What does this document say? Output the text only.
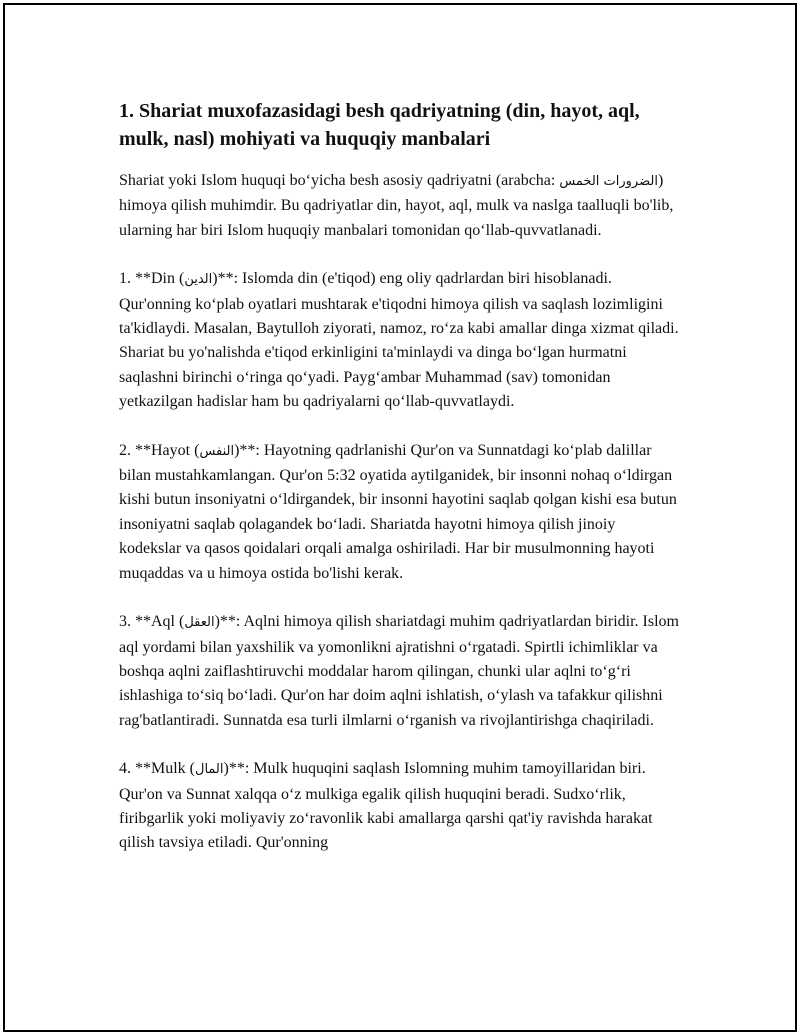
1. Shariat muxofazasidagi besh qadriyatning (din, hayot, aql, mulk, nasl) mohiyati va huquqiy manbalari

Shariat yoki Islom huquqi bo‘yicha besh asosiy qadriyatni (arabcha: الضرورات الخمس) himoya qilish muhimdir. Bu qadriyatlar din, hayot, aql, mulk va naslga taalluqli bo'lib, ularning har biri Islom huquqiy manbalari tomonidan qo‘llab-quvvatlanadi.

1. **Din (الدين)**: Islomda din (e'tiqod) eng oliy qadrlardan biri hisoblanadi. Qur'onning ko‘plab oyatlari mushtarak e'tiqodni himoya qilish va saqlash lozimligini ta'kidlaydi. Masalan, Baytulloh ziyorati, namoz, ro‘za kabi amallar dinga xizmat qiladi. Shariat bu yo'nalishda e'tiqod erkinligini ta'minlaydi va dinga bo‘lgan hurmatni saqlashni birinchi o‘ringa qo‘yadi. Payg‘ambar Muhammad (sav) tomonidan yetkazilgan hadislar ham bu qadriyalarni qo‘llab-quvvatlaydi.

2. **Hayot (النفس)**: Hayotning qadrlanishi Qur'on va Sunnatdagi ko‘plab dalillar bilan mustahkamlangan. Qur'on 5:32 oyatida aytilganidek, bir insonni nohaq o‘ldirgan kishi butun insoniyatni o‘ldirgandek, bir insonni hayotini saqlab qolgan kishi esa butun insoniyatni saqlab qolagandek bo‘ladi. Shariatda hayotni himoya qilish jinoiy kodekslar va qasos qoidalari orqali amalga oshiriladi. Har bir musulmonning hayoti muqaddas va u himoya ostida bo'lishi kerak.

3. **Aql (العقل)**: Aqlni himoya qilish shariatdagi muhim qadriyatlardan biridir. Islom aql yordami bilan yaxshilik va yomonlikni ajratishni o‘rgatadi. Spirtli ichimliklar va boshqa aqlni zaiflashtiruvchi moddalar harom qilingan, chunki ular aqlni to‘g‘ri ishlashiga to‘siq bo‘ladi. Qur'on har doim aqlni ishlatish, o‘ylash va tafakkur qilishni rag'batlantiradi. Sunnatda esa turli ilmlarni o‘rganish va rivojlantirishga chaqiriladi.

4. **Mulk (المال)**: Mulk huquqini saqlash Islomning muhim tamoyillaridan biri. Qur'on va Sunnat xalqqa o‘z mulkiga egalik qilish huquqini beradi. Sudxo‘rlik, firibgarlik yoki moliyaviy zo‘ravonlik kabi amallarga qarshi qat'iy ravishda harakat qilish tavsiya etiladi. Qur'onning
